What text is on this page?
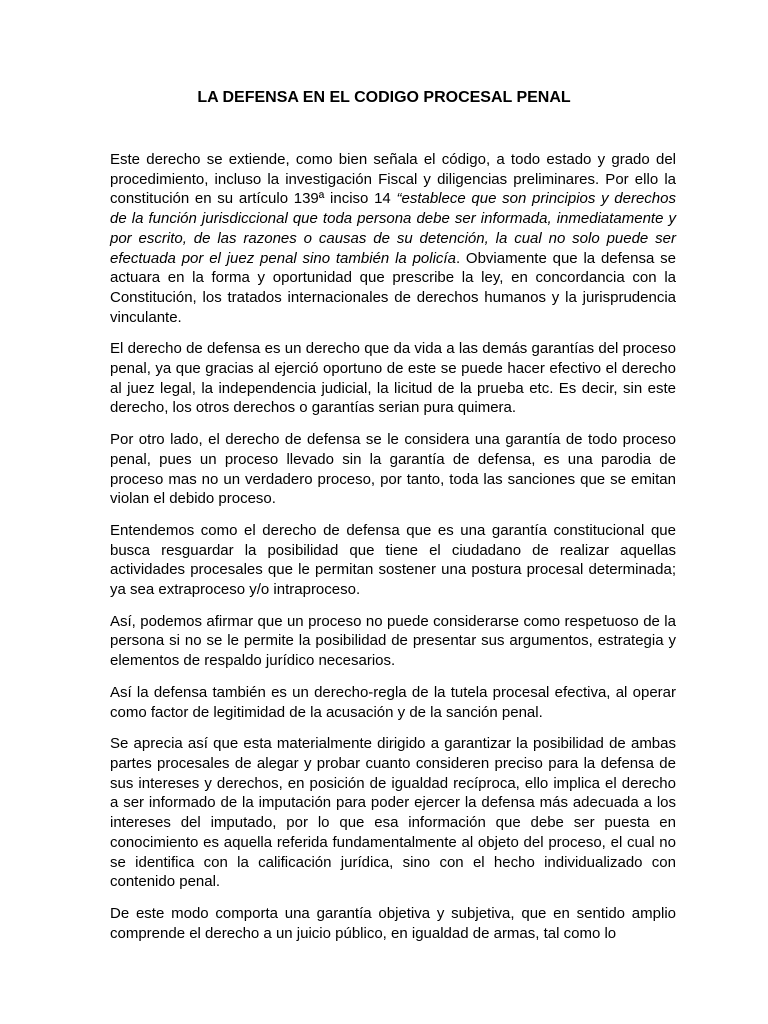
LA DEFENSA EN EL CODIGO PROCESAL PENAL

Este derecho se extiende, como bien señala el código, a todo estado y grado del procedimiento, incluso la investigación Fiscal y diligencias preliminares. Por ello la constitución en su artículo 139ª inciso 14 “establece que son principios y derechos de la función jurisdiccional que toda persona debe ser informada, inmediatamente y por escrito, de las razones o causas de su detención, la cual no solo puede ser efectuada por el juez penal sino también la policía. Obviamente que la defensa se actuara en la forma y oportunidad que prescribe la ley, en concordancia con la Constitución, los tratados internacionales de derechos humanos y la jurisprudencia vinculante.

El derecho de defensa es un derecho que da vida a las demás garantías del proceso penal, ya que gracias al ejerció oportuno de este se puede hacer efectivo el derecho al juez legal, la independencia judicial, la licitud de la prueba etc. Es decir, sin este derecho, los otros derechos o garantías serian pura quimera.

Por otro lado, el derecho de defensa se le considera una garantía de todo proceso penal, pues un proceso llevado sin la garantía de defensa, es una parodia de proceso mas no un verdadero proceso, por tanto, toda las sanciones que se emitan violan el debido proceso.

Entendemos como el derecho de defensa que es una garantía constitucional que busca resguardar la posibilidad que tiene el ciudadano de realizar aquellas actividades procesales que le permitan sostener una postura procesal determinada; ya sea extraproceso y/o intraproceso.

Así, podemos afirmar que un proceso no puede considerarse como respetuoso de la persona si no se le permite la posibilidad de presentar sus argumentos, estrategia y elementos de respaldo jurídico necesarios.

Así la defensa también es un derecho-regla de la tutela procesal efectiva, al operar como factor de legitimidad de la acusación y de la sanción penal.

Se aprecia así que esta materialmente dirigido a garantizar la posibilidad de ambas partes procesales de alegar y probar cuanto consideren preciso para la defensa de sus intereses y derechos, en posición de igualdad recíproca, ello implica el derecho a ser informado de la imputación para poder ejercer la defensa más adecuada a los intereses del imputado, por lo que esa información que debe ser puesta en conocimiento es aquella referida fundamentalmente al objeto del proceso, el cual no se identifica con la calificación jurídica, sino con el hecho individualizado con contenido penal.

De este modo comporta una garantía objetiva y subjetiva, que en sentido amplio comprende el derecho a un juicio público, en igualdad de armas, tal como lo
